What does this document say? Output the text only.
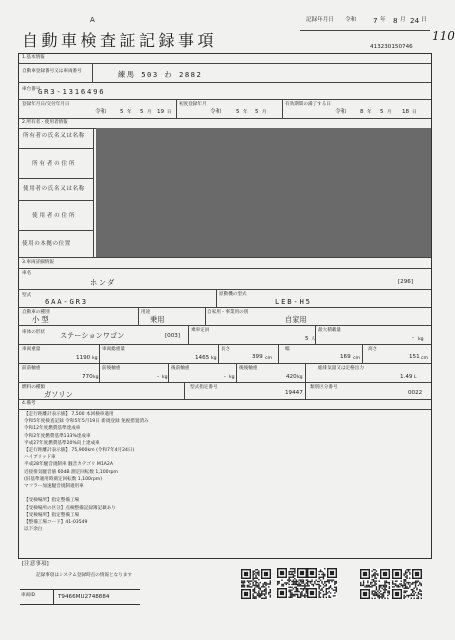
A
自動車検査証記録事項
記録年月日 令和 7 年 8 月 24 日
110
413230150746
1.基本情報
自動車登録番号又は車両番号	練馬 503 わ 2882
車台番号
GR3-1316496
登録年月日/交付年月日
令和 5 年 5 月 19 日
初度登録年月
令和	5 年 5 月
有効期間の満了する日
令和 8 年 5 月 18 日
2.所有者・使用者情報
所有者の氏名又は名称
所 有 者 の 住 所
使用者の氏名又は名称
使 用 者 の 住 所
使用の本拠の位置
3.車両詳細情報
車名
ホンダ	[296]
型式
6AA-GR3
原動機の型式
LEB-H5
自動車の種別
小 型
用途
乗用
自家用・事業用の別
自家用
車体の形状 ステーションワゴン	[003]
乗車定員
5 人
最大積載量
- kg
車両重量
1190 kg
車両総重量
1465 kg
長さ
399 cm
幅
169 cm
高さ
151 cm
前前軸重
770 kg
前後軸重
- kg
後前軸重
- kg
後後軸重
420 kg
総排気量又は定格出力
1.49 L
燃料の種類
ガソリン
型式指定番号
19447
類別区分番号
0022
4.備考
【走行距離計表示値】 7,500 本回検車適用
令和5年度検査記録 令和5年5月19日 新規登録 免税措置済み
令和12年度燃費基準達成車
令和2年度燃費基準133%達成車
平成27年度燃費基準20%向上達成車
【走行距離計表示値】 75,900km (令和7年4月24日)
ハイブリッド車
平成28年騒音規制車 騒音カテゴリ M1A2A
近接排気騒音値 60dB 測定回転数 1,100rpm
(旧基準適用時測定回転数 1,100rpm)
マフラー加速騒音規制適用車
【受検場所】指定整備工場
【受検場所の区分】点検整備記録簿記載あり
【受検場所】指定整備工場
【整備工場コード】41-03549
以下余白
[注意事項]
記録事項はシステム登録時点の情報となります
車両ID	T9466MU2748884
